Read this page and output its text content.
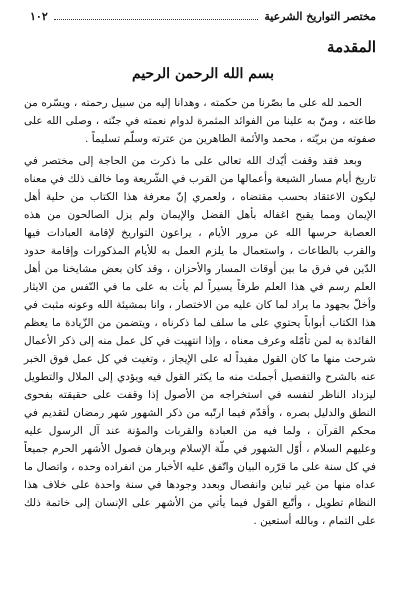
مختصر التواريخ الشرعية
١٠٢
المقدمة
بسم الله الرحمن الرحيم

الحمد لله على ما بصّرنا من حكمته ، وهدانا إليه من سبيل رحمته ، ويسّره من طاعته ، ومنّ به علينا من الفوائد المثمرة لدوام نعمته في جنّته ، وصلى الله على صفوته من بريّته ، محمد والأئمة الطاهرين من عترته وسلّم تسليماً .

وبعد فقد وقفت أيّدك الله تعالى على ما ذكرت من الحاجة إلى مختصر في تاريخ أيام مسار الشيعة وأعمالها من القرب في الشّريعة وما خالف ذلك في معناه ليكون الاعتقاد بحسب مقتضاه ، ولعمري إنّ معرفة هذا الكتاب من حلية أهل الإيمان ومما يقبح اغفاله بأهل الفضل والإيمان ولم يزل الصالحون من هذه العصابة حرسها الله عن مرور الأيام ، يراعون التواريخ لإقامة العبادات فيها والقرب بالطاعات ، واستعمال ما يلزم العمل به للأيام المذكورات وإقامة حدود الدّين في فرق ما بين أوقات المسار والأحزان ، وقد كان بعض مشايخنا من أهل العلم رسم في هذا العلم طرفاً يسيراً لم يأت به على ما في النّفس من الايثار وأخلّ بجهود ما يراد لما كان عليه من الاختصار ، وانا بمشيئة الله وعونه مثبت في هذا الكتاب أبواباً يحتوي على ما سلف لما ذكرناه ، ويتضمن من الزّيادة ما يعظم الفائدة به لمن تأمّله وعرف معناه ، وإذا انتهيت في كل عمل منه إلى ذكر الأعمال شرحت منها ما كان القول مفيداً له على الإيجاز ، وتغيت في كل عمل فوق الخبر عنه بالشرح والتفصيل أجملت منه ما يكثر القول فيه ويؤدي إلى الملال والتطويل ليزداد الناظر لنفسه في استخراجه من الأصول إذا وقفت على حقيقته بفحوى النطق والدليل بصره ، وأقدّم فيما ارتّبه من ذكر الشهور شهر رمضان لتقديم في محكم القرآن ، ولما فيه من العبادة والقربات والمؤنة عند آل الرسول عليه وعليهم السلام ، أوّل الشهور في ملّة الإسلام وبرهان فصول الأشهر الحرم جميعاً في كل سنة على ما قرّره البيان واتّفق عليه الأخبار من انفراده وحده ، واتصال ما عداه منها من غير تباين وانفصال وبعدد وجودها في سنة واحدة على خلاف هذا النظام تطويل ، وأتّبع القول فيما يأتي من الأشهر على الإنسان إلى خاتمة ذلك على التمام ، وبالله أستعين .
